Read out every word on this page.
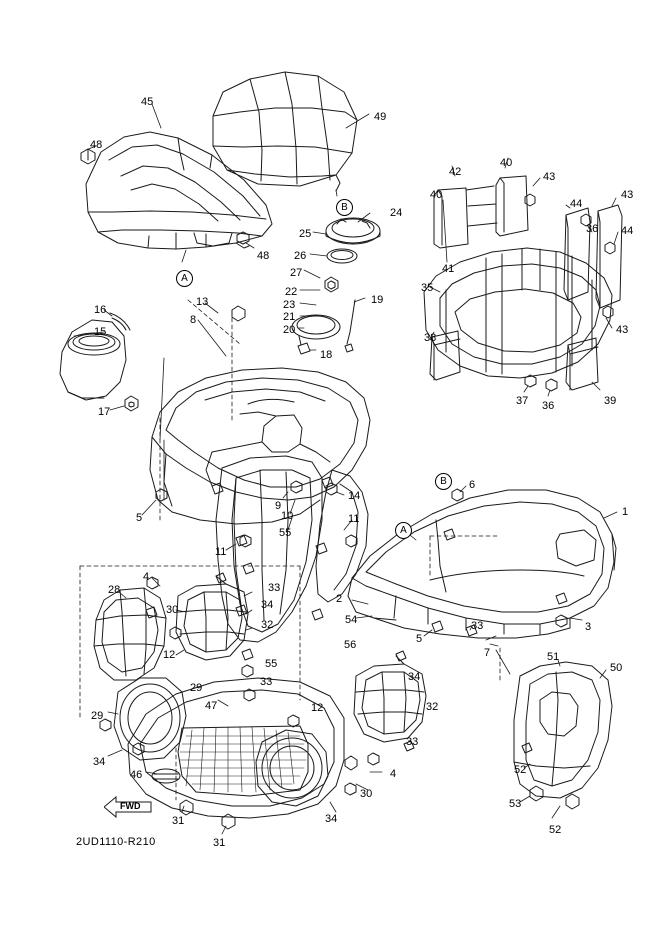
45
49
48
42
40
43
40
44
43
36 44
24
25
48
41
26
27
35
22
19
13	23
16
21
8
20
15	43
38
18
17
37 36	39
6
1
9
14
10
5
55
11
11
3
2
54
28
4
33
34
30
32
12
5
33
7	51
50
56
55
33
29
47
34
32
12
29
34
33
4
30
52
53
52
46
31
31
34
A
B
B
A
FWD
2UD1110-R210
